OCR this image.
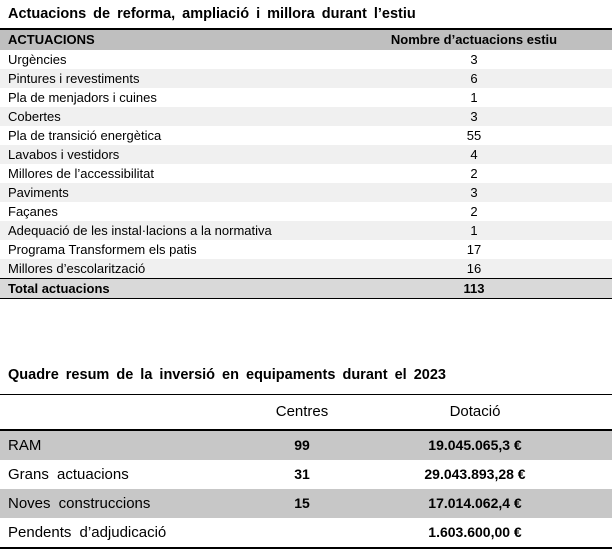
Actuacions de reforma, ampliació i millora durant l’estiu
ACTUACIONS	Nombre d’actuacions estiu
Urgències	3
Pintures i revestiments	6
Pla de menjadors i cuines	1
Cobertes	3
Pla de transició energètica	55
Lavabos i vestidors	4
Millores de l’accessibilitat	2
Paviments	3
Façanes	2
Adequació de les instal·lacions a la normativa	1
Programa Transformem els patis	17
Millores d’escolarització	16
Total actuacions	113
Quadre resum de la inversió en equipaments durant el 2023
	Centres	Dotació	
RAM	99	19.045.065,3 €	
Grans actuacions	31	29.043.893,28 €	
Noves construccions	15	17.014.062,4 €	
Pendents d’adjudicació		1.603.600,00 €	
